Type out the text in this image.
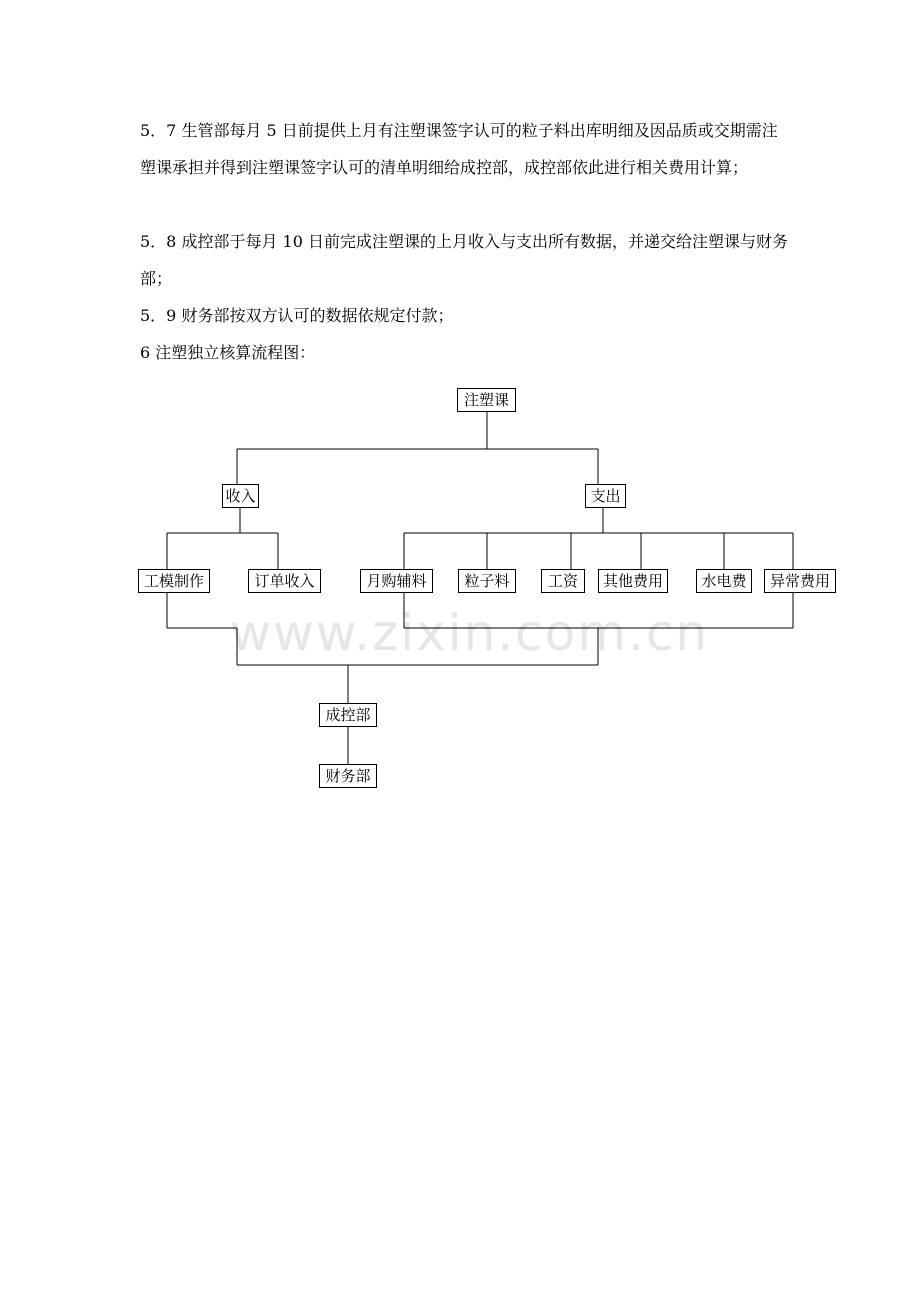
5．7 生管部每月 5 日前提供上月有注塑课签字认可的粒子料出库明细及因品质或交期需注塑课承担并得到注塑课签字认可的清单明细给成控部，成控部依此进行相关费用计算；

5．8 成控部于每月 10 日前完成注塑课的上月收入与支出所有数据，并递交给注塑课与财务部；

5．9 财务部按双方认可的数据依规定付款；

6 注塑独立核算流程图：

www.zixin.com.cn
注塑课
收入	支出
工模制作	订单收入	月购辅料	粒子料	工资	其他费用	水电费	异常费用
成控部
财务部
